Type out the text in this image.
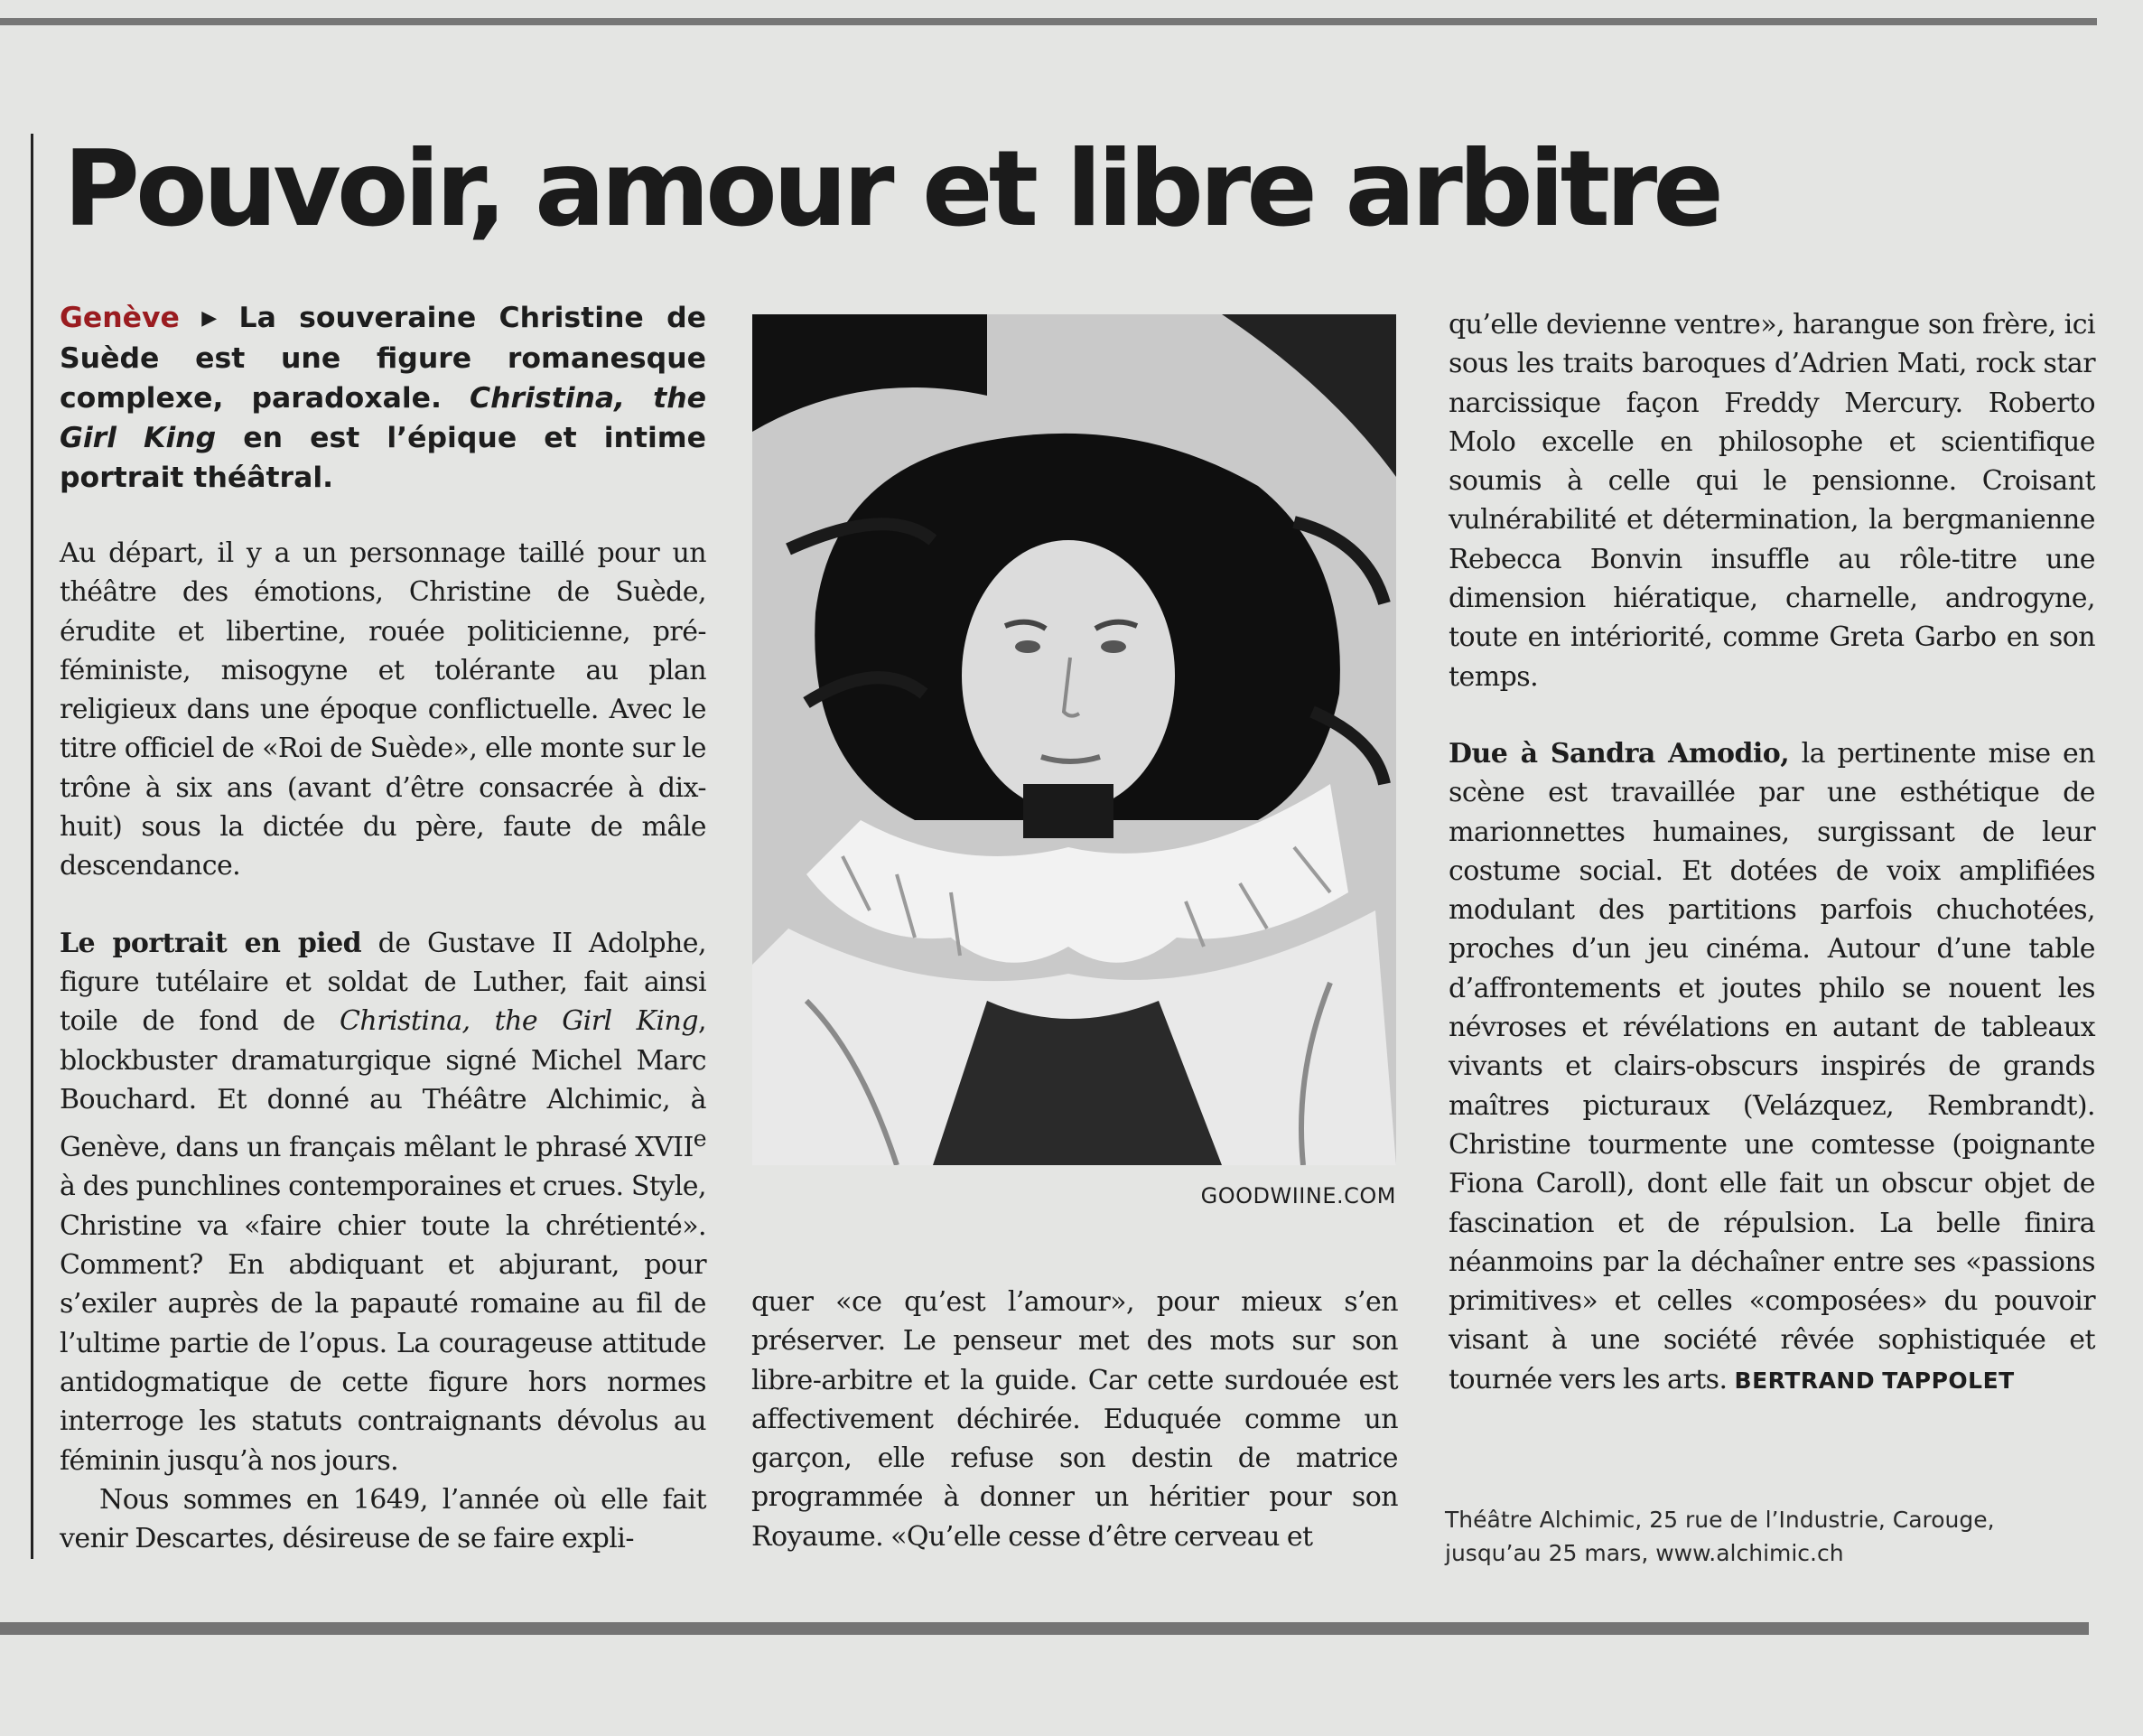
Pouvoir, amour et libre arbitre

Genève ▶ La souveraine Christine de Suède est une figure romanesque complexe, paradoxale. Christina, the Girl King en est l’épique et intime portrait théâtral.

Au départ, il y a un personnage taillé pour un théâtre des émotions, Christine de Suède, érudite et libertine, rouée politicienne, pré-féministe, misogyne et tolérante au plan religieux dans une époque conflictuelle. Avec le titre officiel de «Roi de Suède», elle monte sur le trône à six ans (avant d’être consacrée à dix-huit) sous la dictée du père, faute de mâle descendance.

Le portrait en pied de Gustave II Adolphe, figure tutélaire et soldat de Luther, fait ainsi toile de fond de Christina, the Girl King, blockbuster dramaturgique signé Michel Marc Bouchard. Et donné au Théâtre Alchimic, à Genève, dans un français mêlant le phrasé XVIIe à des punchlines contemporaines et crues. Style, Christine va «faire chier toute la chrétienté». Comment? En abdiquant et abjurant, pour s’exiler auprès de la papauté romaine au fil de l’ultime partie de l’opus. La courageuse attitude antidogmatique de cette figure hors normes interroge les statuts contraignants dévolus au féminin jusqu’à nos jours.

Nous sommes en 1649, l’année où elle fait venir Descartes, désireuse de se faire expli-

GOODWIINE.COM

quer «ce qu’est l’amour», pour mieux s’en préserver. Le penseur met des mots sur son libre-arbitre et la guide. Car cette surdouée est affectivement déchirée. Eduquée comme un garçon, elle refuse son destin de matrice programmée à donner un héritier pour son Royaume. «Qu’elle cesse d’être cerveau et

qu’elle devienne ventre», harangue son frère, ici sous les traits baroques d’Adrien Mati, rock star narcissique façon Freddy Mercury. Roberto Molo excelle en philosophe et scientifique soumis à celle qui le pensionne. Croisant vulnérabilité et détermination, la bergmanienne Rebecca Bonvin insuffle au rôle-titre une dimension hiératique, charnelle, androgyne, toute en intériorité, comme Greta Garbo en son temps.

Due à Sandra Amodio, la pertinente mise en scène est travaillée par une esthétique de marionnettes humaines, surgissant de leur costume social. Et dotées de voix amplifiées modulant des partitions parfois chuchotées, proches d’un jeu cinéma. Autour d’une table d’affrontements et joutes philo se nouent les névroses et révélations en autant de tableaux vivants et clairs-obscurs inspirés de grands maîtres picturaux (Velázquez, Rembrandt). Christine tourmente une comtesse (poignante Fiona Caroll), dont elle fait un obscur objet de fascination et de répulsion. La belle finira néanmoins par la déchaîner entre ses «passions primitives» et celles «composées» du pouvoir visant à une société rêvée sophistiquée et tournée vers les arts. BERTRAND TAPPOLET

Théâtre Alchimic, 25 rue de l’Industrie, Carouge,
jusqu’au 25 mars, www.alchimic.ch
